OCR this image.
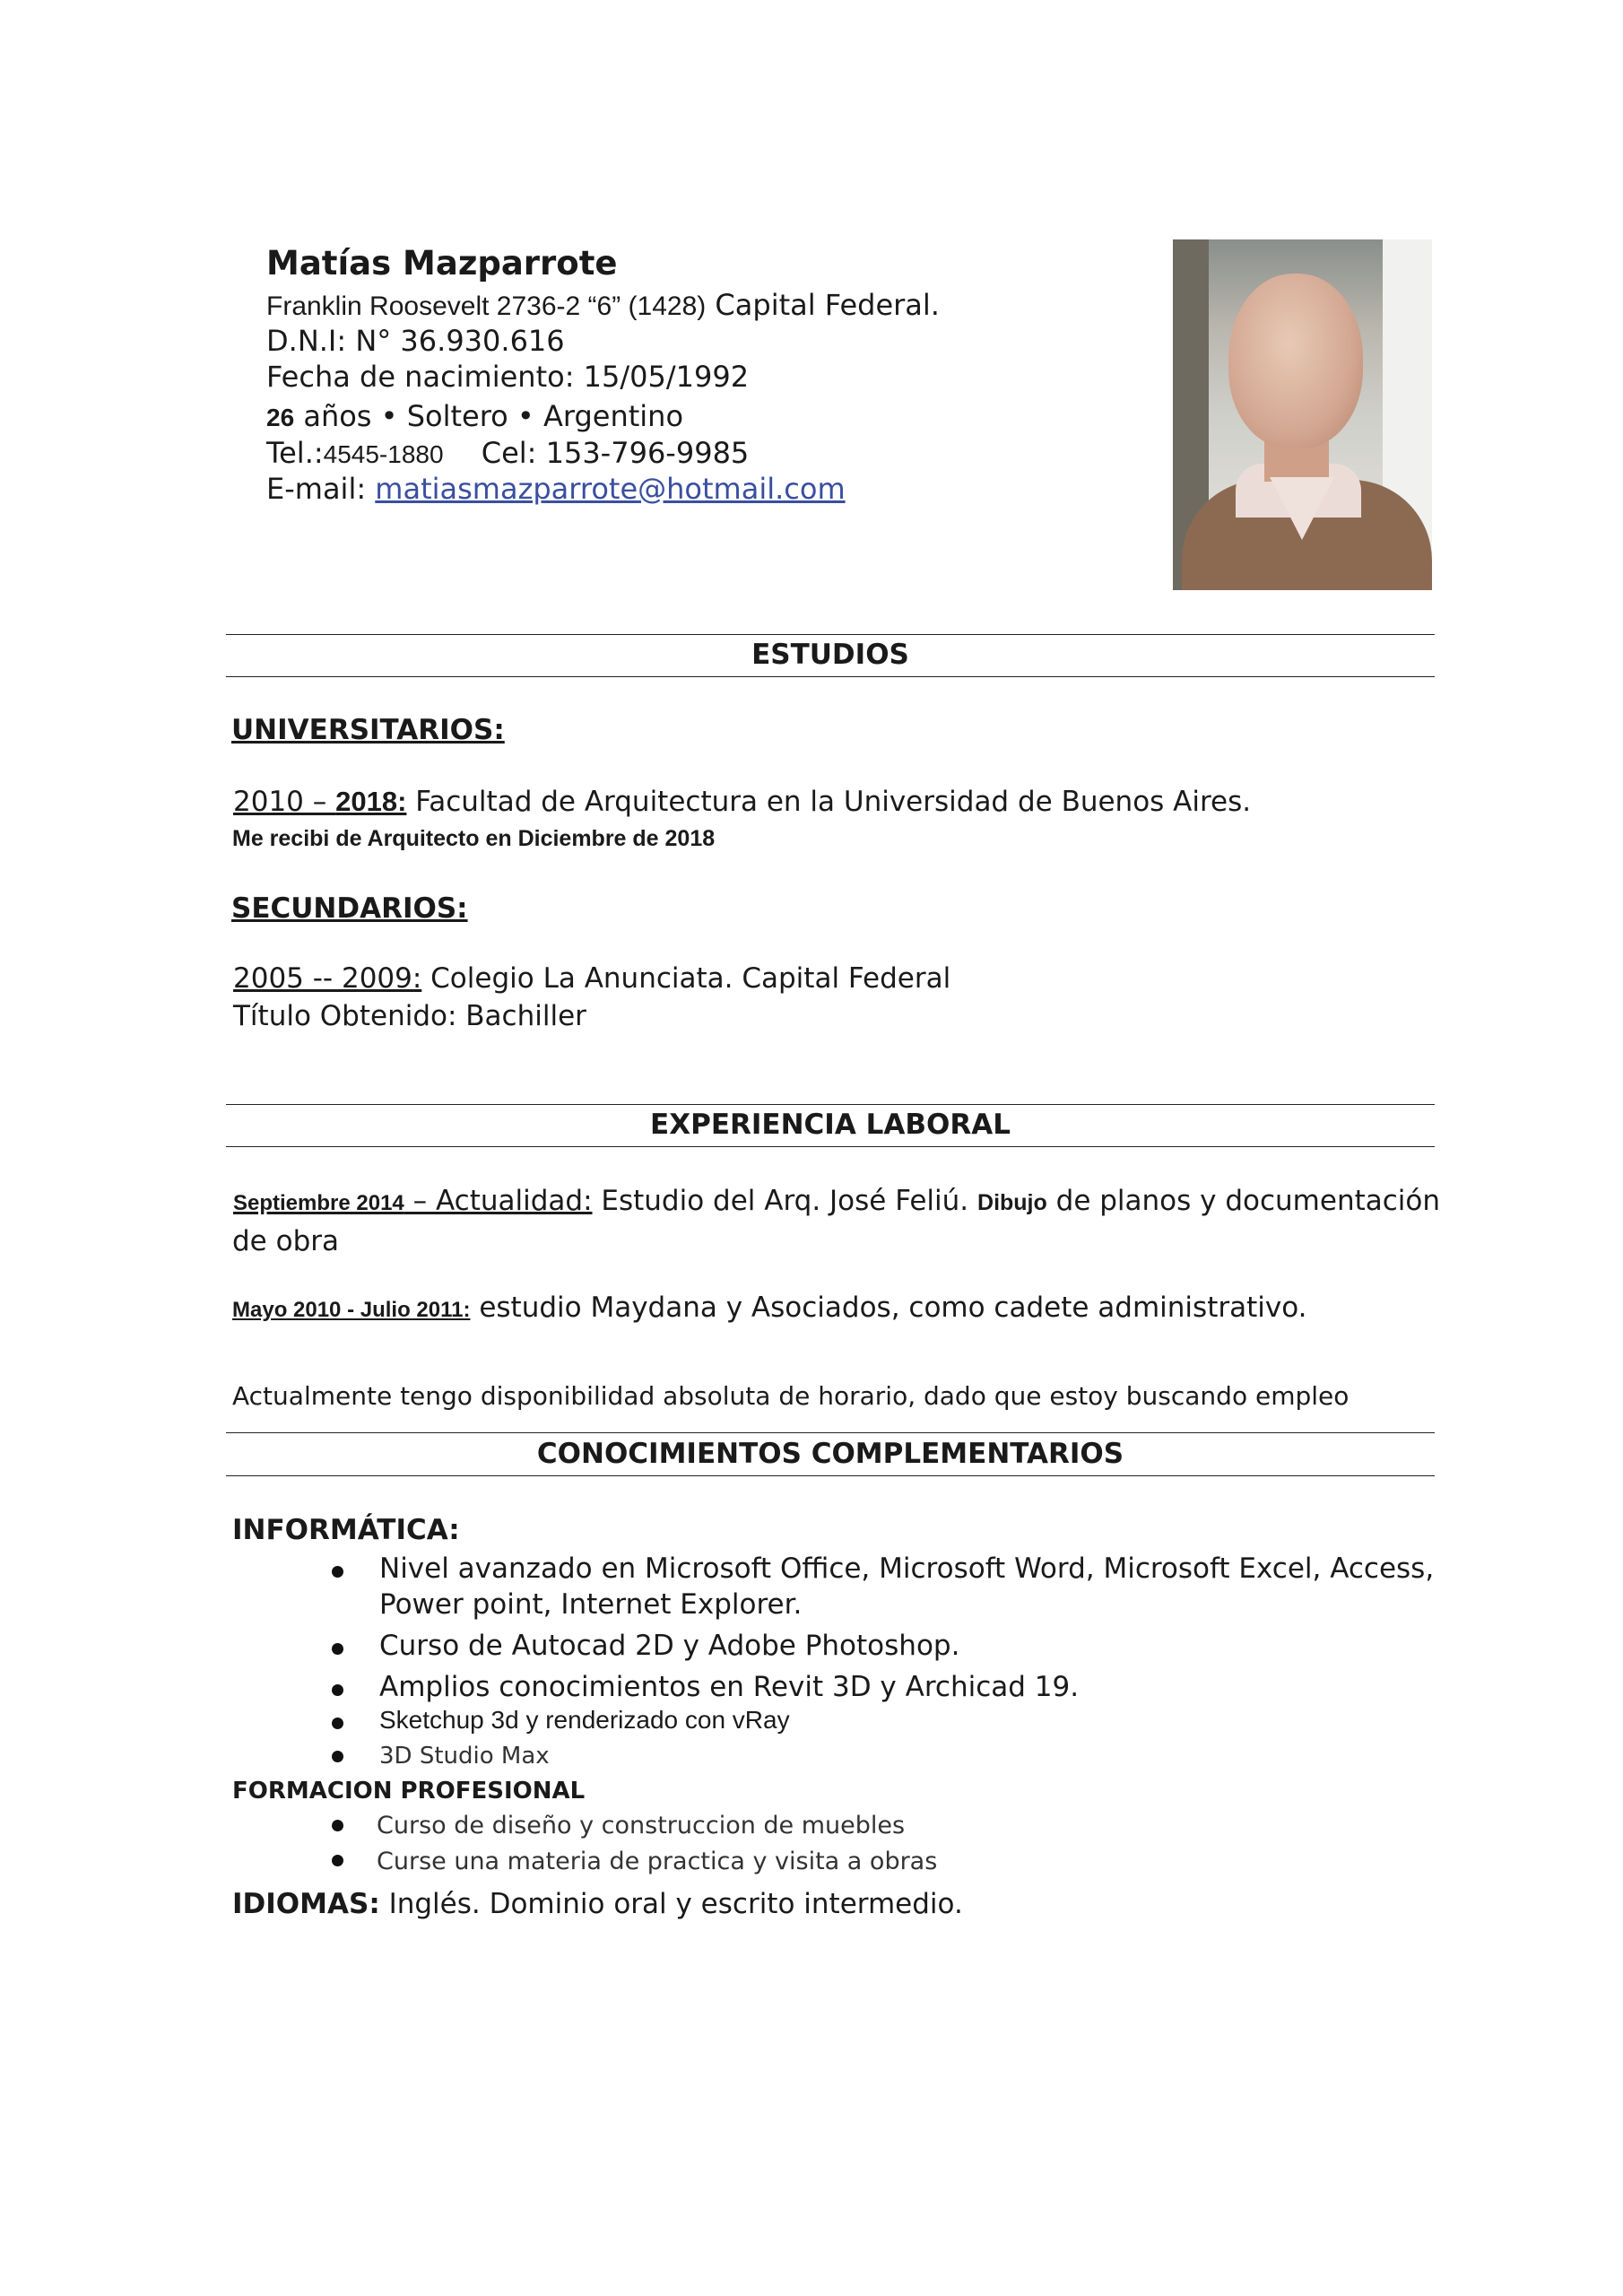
Matías Mazparrote
Franklin Roosevelt 2736-2 “6” (1428) Capital Federal.
D.N.I: N° 36.930.616
Fecha de nacimiento: 15/05/1992
26 años • Soltero • Argentino
Tel.:4545-1880 Cel: 153-796-9985
E-mail: matiasmazparrote@hotmail.com
ESTUDIOS
UNIVERSITARIOS:
2010 – 2018: Facultad de Arquitectura en la Universidad de Buenos Aires.
Me recibi de Arquitecto en Diciembre de 2018
SECUNDARIOS:
2005 -- 2009: Colegio La Anunciata. Capital Federal
Título Obtenido: Bachiller
EXPERIENCIA LABORAL
Septiembre 2014 – Actualidad: Estudio del Arq. José Feliú. Dibujo de planos y documentación
de obra
Mayo 2010 - Julio 2011: estudio Maydana y Asociados, como cadete administrativo.
Actualmente tengo disponibilidad absoluta de horario, dado que estoy buscando empleo
CONOCIMIENTOS COMPLEMENTARIOS
INFORMÁTICA:
Nivel avanzado en Microsoft Office, Microsoft Word, Microsoft Excel, Access,
Power point, Internet Explorer.
Curso de Autocad 2D y Adobe Photoshop.
Amplios conocimientos en Revit 3D y Archicad 19.
Sketchup 3d y renderizado con vRay
3D Studio Max
FORMACION PROFESIONAL
Curso de diseño y construccion de muebles
Curse una materia de practica y visita a obras
IDIOMAS: Inglés. Dominio oral y escrito intermedio.
